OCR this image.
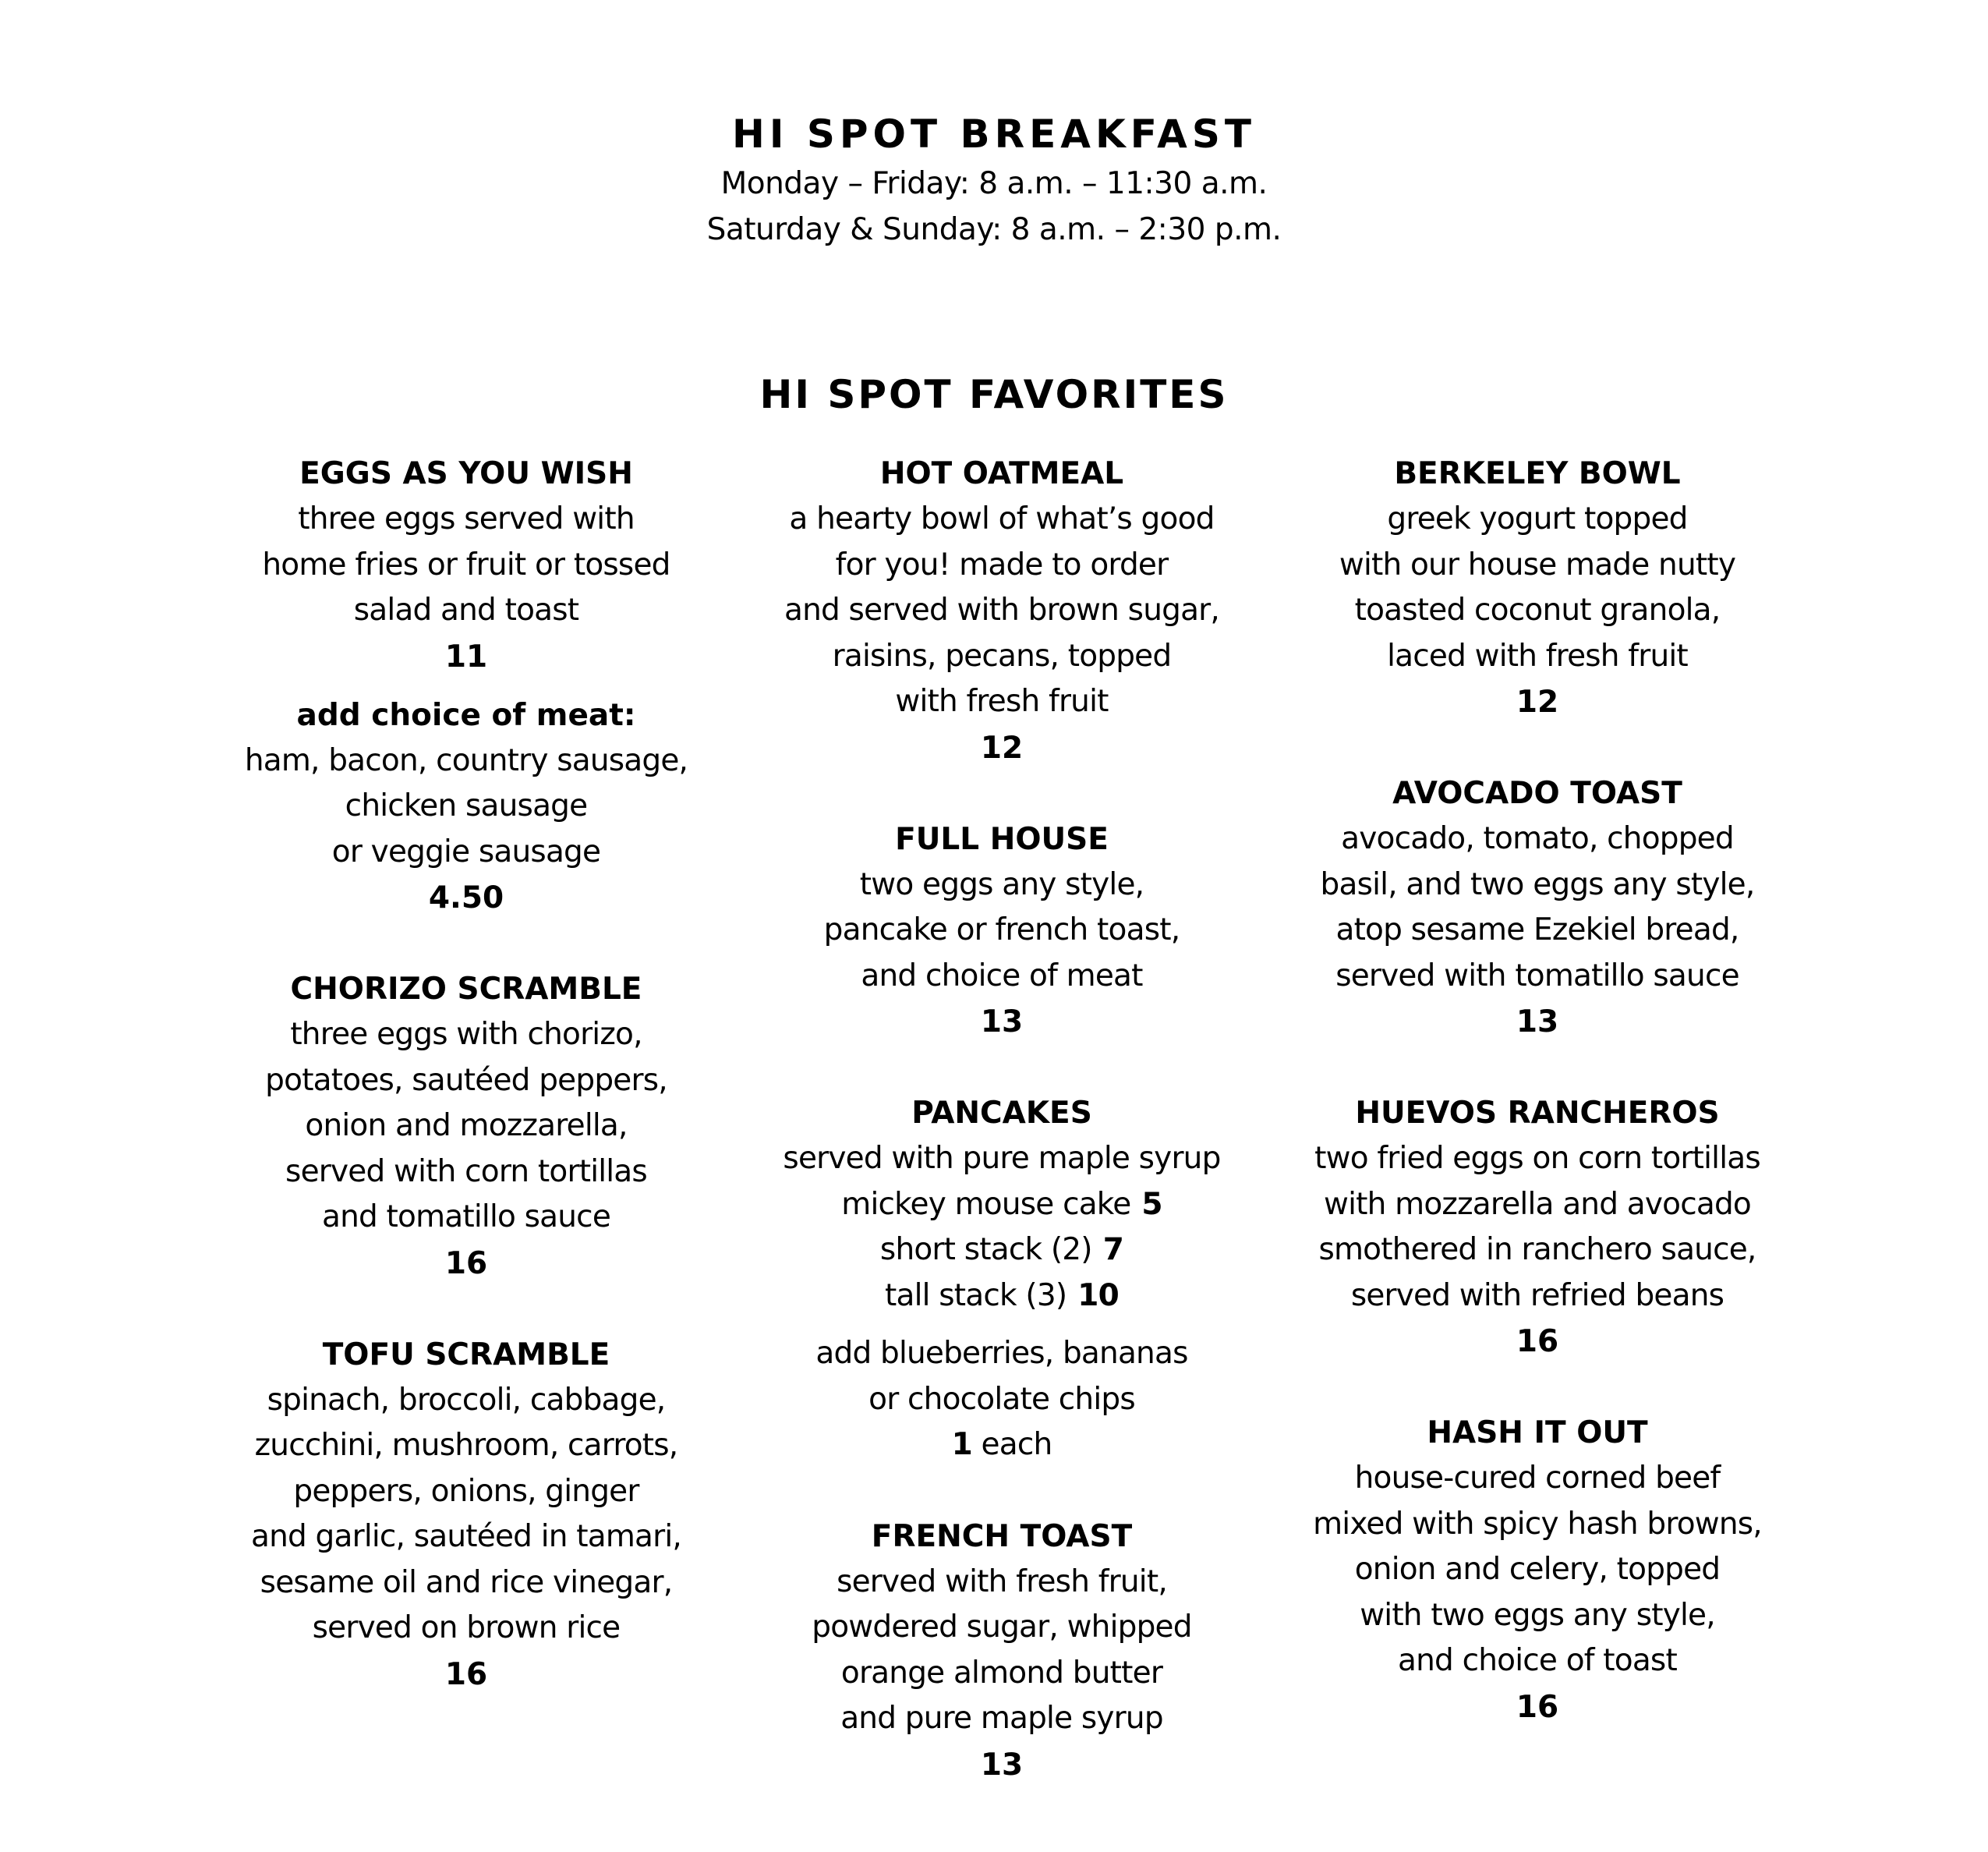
HI SPOT BREAKFAST
Monday – Friday: 8 a.m. – 11:30 a.m.
Saturday & Sunday: 8 a.m. – 2:30 p.m.
HI SPOT FAVORITES
EGGS AS YOU WISH
three eggs served with
home fries or fruit or tossed
salad and toast
11
add choice of meat:
ham, bacon, country sausage,
chicken sausage
or veggie sausage
4.50
CHORIZO SCRAMBLE
three eggs with chorizo,
potatoes, sautéed peppers,
onion and mozzarella,
served with corn tortillas
and tomatillo sauce
16
TOFU SCRAMBLE
spinach, broccoli, cabbage,
zucchini, mushroom, carrots,
peppers, onions, ginger
and garlic, sautéed in tamari,
sesame oil and rice vinegar,
served on brown rice
16
HOT OATMEAL
a hearty bowl of what’s good
for you! made to order
and served with brown sugar,
raisins, pecans, topped
with fresh fruit
12
FULL HOUSE
two eggs any style,
pancake or french toast,
and choice of meat
13
PANCAKES
served with pure maple syrup
mickey mouse cake 5
short stack (2) 7
tall stack (3) 10
add blueberries, bananas
or chocolate chips
1 each
FRENCH TOAST
served with fresh fruit,
powdered sugar, whipped
orange almond butter
and pure maple syrup
13
BERKELEY BOWL
greek yogurt topped
with our house made nutty
toasted coconut granola,
laced with fresh fruit
12
AVOCADO TOAST
avocado, tomato, chopped
basil, and two eggs any style,
atop sesame Ezekiel bread,
served with tomatillo sauce
13
HUEVOS RANCHEROS
two fried eggs on corn tortillas
with mozzarella and avocado
smothered in ranchero sauce,
served with refried beans
16
HASH IT OUT
house-cured corned beef
mixed with spicy hash browns,
onion and celery, topped
with two eggs any style,
and choice of toast
16
